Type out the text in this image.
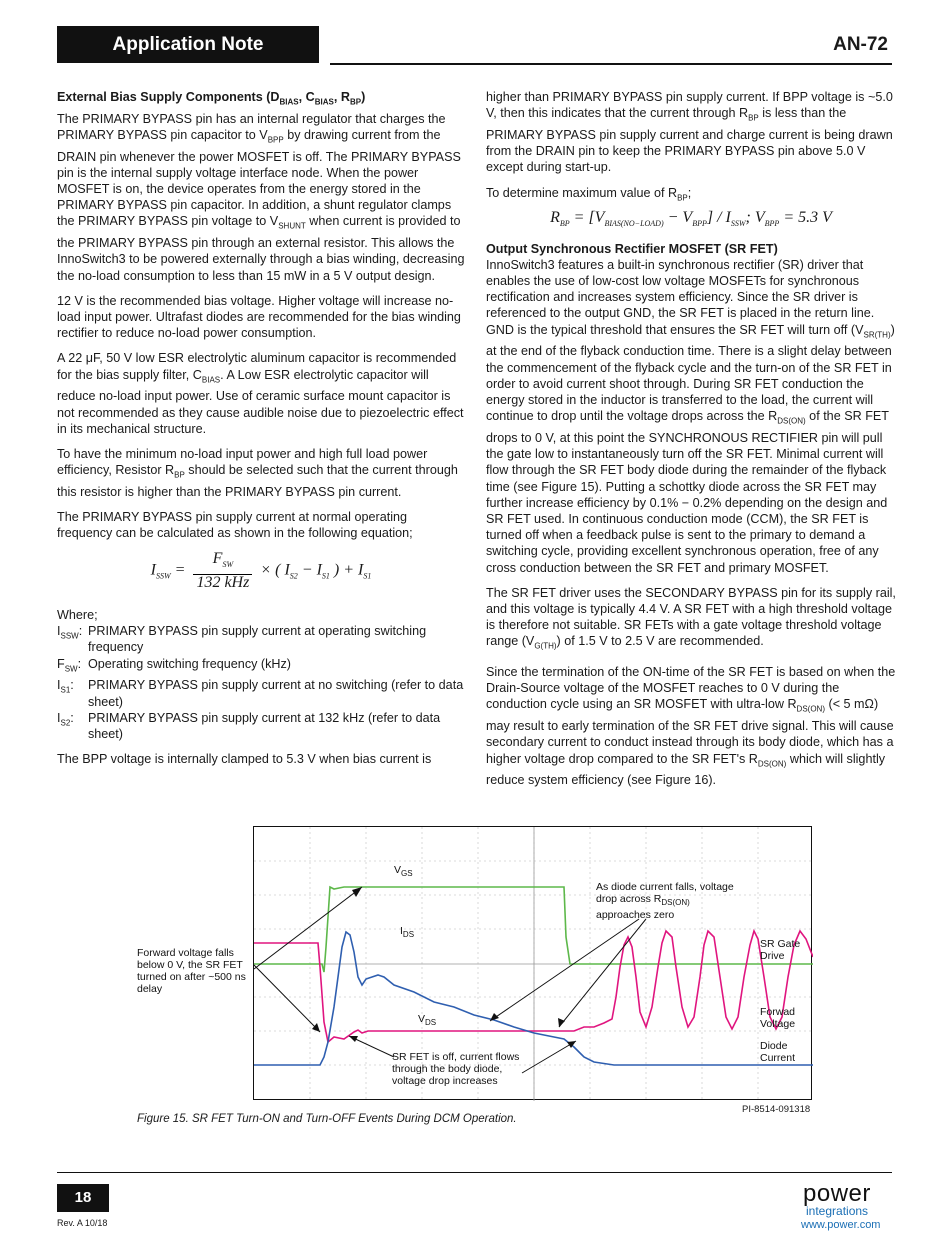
Application Note	AN-72
External Bias Supply Components ($D_{BIAS}$, $C_{BIAS}$, $R_{BP}$)

The PRIMARY BYPASS pin has an internal regulator that charges the PRIMARY BYPASS pin capacitor to $V_{BPP}$ by drawing current from the DRAIN pin whenever the power MOSFET is off. The PRIMARY BYPASS pin is the internal supply voltage interface node. When the power MOSFET is on, the device operates from the energy stored in the PRIMARY BYPASS pin capacitor. In addition, a shunt regulator clamps the PRIMARY BYPASS pin voltage to $V_{SHUNT}$ when current is provided to the PRIMARY BYPASS pin through an external resistor. This allows the InnoSwitch3 to be powered externally through a bias winding, decreasing the no-load consumption to less than 15 mW in a 5 V output design.

12 V is the recommended bias voltage. Higher voltage will increase no-load input power. Ultrafast diodes are recommended for the bias winding rectifier to reduce no-load power consumption.

A 22 μF, 50 V low ESR electrolytic aluminum capacitor is recommended for the bias supply filter, $C_{BIAS}$. A Low ESR electrolytic capacitor will reduce no-load input power. Use of ceramic surface mount capacitor is not recommended as they cause audible noise due to piezoelectric effect in its mechanical structure.

To have the minimum no-load input power and high full load power efficiency, Resistor $R_{BP}$ should be selected such that the current through this resistor is higher than the PRIMARY BYPASS pin current.

The PRIMARY BYPASS pin supply current at normal operating frequency can be calculated as shown in the following equation;

$I_{SSW} = \frac{F_{SW}}{\text{132 kHz}}$ × ( $I_{S2} - I_{S1}$ ) + $I_{S1}$
Where;
$I_{SSW}$: PRIMARY BYPASS pin supply current at operating switching frequency
$F_{SW}$: Operating switching frequency (kHz)
$I_{S1}$:	PRIMARY BYPASS pin supply current at no switching (refer to data sheet)
$I_{S2}$:	PRIMARY BYPASS pin supply current at 132 kHz (refer to data sheet)

The BPP voltage is internally clamped to 5.3 V when bias current is

higher than PRIMARY BYPASS pin supply current. If BPP voltage is ~5.0 V, then this indicates that the current through $R_{BP}$ is less than the PRIMARY BYPASS pin supply current and charge current is being drawn from the DRAIN pin to keep the PRIMARY BYPASS pin above 5.0 V except during start-up.

To determine maximum value of $R_{BP}$;

$R_{BP} = [V_{BIAS(NO-LOAD)} - V_{BPP}] / I_{SSW}$; $V_{BPP} = 5.3$ V
Output Synchronous Rectifier MOSFET (SR FET)

InnoSwitch3 features a built-in synchronous rectifier (SR) driver that enables the use of low-cost low voltage MOSFETs for synchronous rectification and increases system efficiency. Since the SR driver is referenced to the output GND, the SR FET is placed in the return line. GND is the typical threshold that ensures the SR FET will turn off $(V_{SR(TH)})$ at the end of the flyback conduction time. There is a slight delay between the commencement of the flyback cycle and the turn-on of the SR FET in order to avoid current shoot through. During SR FET conduction the energy stored in the inductor is transferred to the load, the current will continue to drop until the voltage drops across the $R_{DS(ON)}$ of the SR FET drops to 0 V, at this point the SYNCHRONOUS RECTIFIER pin will pull the gate low to instantaneously turn off the SR FET. Minimal current will flow through the SR FET body diode during the remainder of the flyback time (see Figure 15). Putting a schottky diode across the SR FET may further increase efficiency by 0.1% − 0.2% depending on the design and SR FET used. In continuous conduction mode (CCM), the SR FET is turned off when a feedback pulse is sent to the primary to demand a switching cycle, providing excellent synchronous operation, free of any cross conduction between the SR FET and primary MOSFET.

The SR FET driver uses the SECONDARY BYPASS pin for its supply rail, and this voltage is typically 4.4 V. A SR FET with a high threshold voltage is therefore not suitable. SR FETs with a gate voltage threshold voltage range $(V_{G(TH)})$ of 1.5 V to 2.5 V are recommended.

Since the termination of the ON-time of the SR FET is based on when the Drain-Source voltage of the MOSFET reaches to 0 V during the conduction cycle using an SR MOSFET with ultra-low $R_{DS(ON)}$ (< 5 mΩ) may result to early termination of the SR FET drive signal. This will cause secondary current to conduct instead through its body diode, which has a higher voltage drop compared to the SR FET's $R_{DS(ON)}$ which will slightly reduce system efficiency (see Figure 16).

$V_{GS}$
$I_{DS}$
$V_{DS}$
Forward voltage falls below 0 V, the SR FET turned on after ~500 ns delay
As diode current falls, voltage drop across $R_{DS(ON)}$ approaches zero
SR FET is off, current flows through the body diode, voltage drop increases
SR Gate Drive
Forwad Voltage
Diode Current
PI-8514-091318
Figure 15. SR FET Turn-ON and Turn-OFF Events During DCM Operation.
18
Rev. A 10/18
power
integrations
www.power.com
